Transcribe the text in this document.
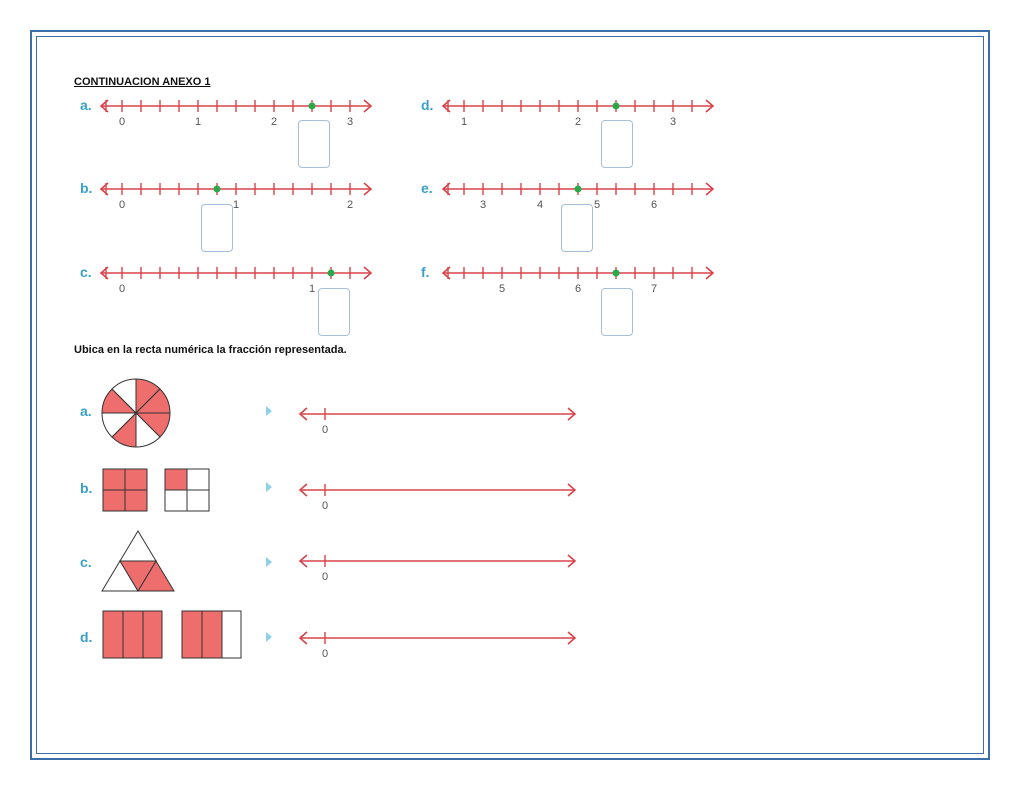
CONTINUACION ANEXO 1
a.
0	1	2	3
b.
0	1	2
c.
0	1
d.
1	2	3
e.
3	4	5	6
f.
5	6	7
Ubica en la recta numérica la fracción representada.
a.
0
b.
0
c.
0
d.
0
